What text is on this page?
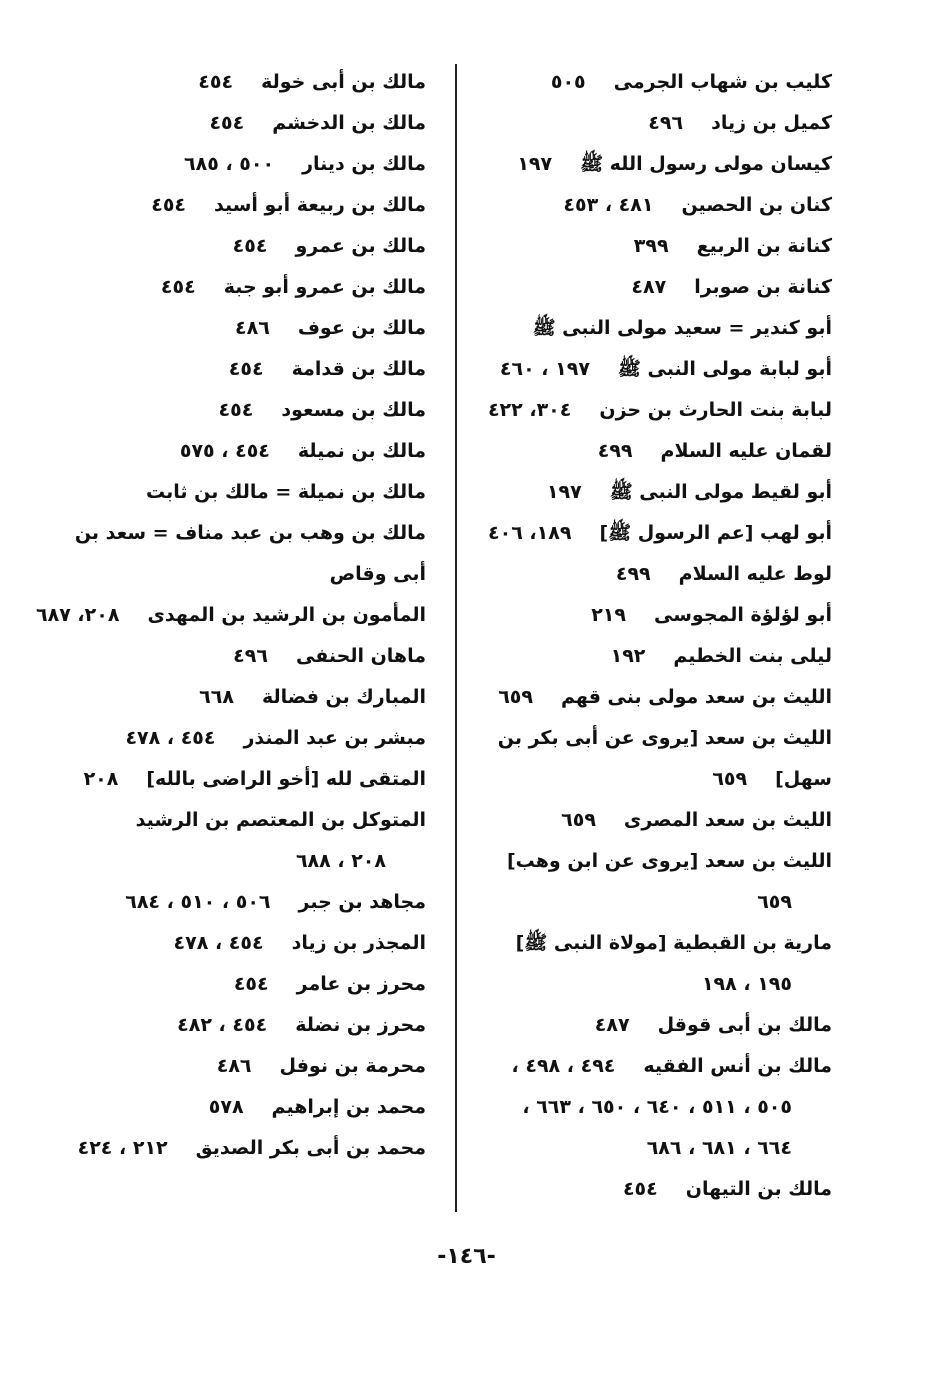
كليب بن شهاب الجرمى
٥٠٥
كميل بن زياد
٤٩٦
كيسان مولى رسول الله ﷺ
١٩٧
كنان بن الحصين
٤٨١ ، ٤٥٣
كنانة بن الربيع
٣٩٩
كنانة بن صوبرا
٤٨٧
أبو كندير = سعيد مولى النبى ﷺ
أبو لبابة مولى النبى ﷺ
١٩٧ ، ٤٦٠
لبابة بنت الحارث بن حزن
٣٠٤، ٤٢٢
لقمان عليه السلام
٤٩٩
أبو لقيط مولى النبى ﷺ
١٩٧
أبو لهب [عم الرسول ﷺ]
١٨٩، ٤٠٦
لوط عليه السلام
٤٩٩
أبو لؤلؤة المجوسى
٢١٩
ليلى بنت الخطيم
١٩٢
الليث بن سعد مولى بنى قهم
٦٥٩
الليث بن سعد [يروى عن أبى بكر بن
سهل]
٦٥٩
الليث بن سعد المصرى
٦٥٩
الليث بن سعد [يروى عن ابن وهب]
٦٥٩
مارية بن القبطية [مولاة النبى ﷺ]
١٩٥ ، ١٩٨
مالك بن أبى قوقل
٤٨٧
مالك بن أنس الفقيه
٤٩٤ ، ٤٩٨ ،
٥٠٥ ، ٥١١ ، ٦٤٠ ، ٦٥٠ ، ٦٦٣ ،
٦٦٤ ، ٦٨١ ، ٦٨٦
مالك بن التيهان
٤٥٤
مالك بن أبى خولة
٤٥٤
مالك بن الدخشم
٤٥٤
مالك بن دينار
٥٠٠ ، ٦٨٥
مالك بن ربيعة أبو أسيد
٤٥٤
مالك بن عمرو
٤٥٤
مالك بن عمرو أبو جبة
٤٥٤
مالك بن عوف
٤٨٦
مالك بن قدامة
٤٥٤
مالك بن مسعود
٤٥٤
مالك بن نميلة
٤٥٤ ، ٥٧٥
مالك بن نميلة = مالك بن ثابت
مالك بن وهب بن عبد مناف = سعد بن
أبى وقاص
المأمون بن الرشيد بن المهدى
٢٠٨، ٦٨٧
ماهان الحنفى
٤٩٦
المبارك بن فضالة
٦٦٨
مبشر بن عبد المنذر
٤٥٤ ، ٤٧٨
المتقى لله [أخو الراضى بالله]
٢٠٨
المتوكل بن المعتصم بن الرشيد
٢٠٨ ، ٦٨٨
مجاهد بن جبر
٥٠٦ ، ٥١٠ ، ٦٨٤
المجذر بن زياد
٤٥٤ ، ٤٧٨
محرز بن عامر
٤٥٤
محرز بن نضلة
٤٥٤ ، ٤٨٢
محرمة بن نوفل
٤٨٦
محمد بن إبراهيم
٥٧٨
محمد بن أبى بكر الصديق
٢١٢ ، ٤٢٤
-١٤٦-
